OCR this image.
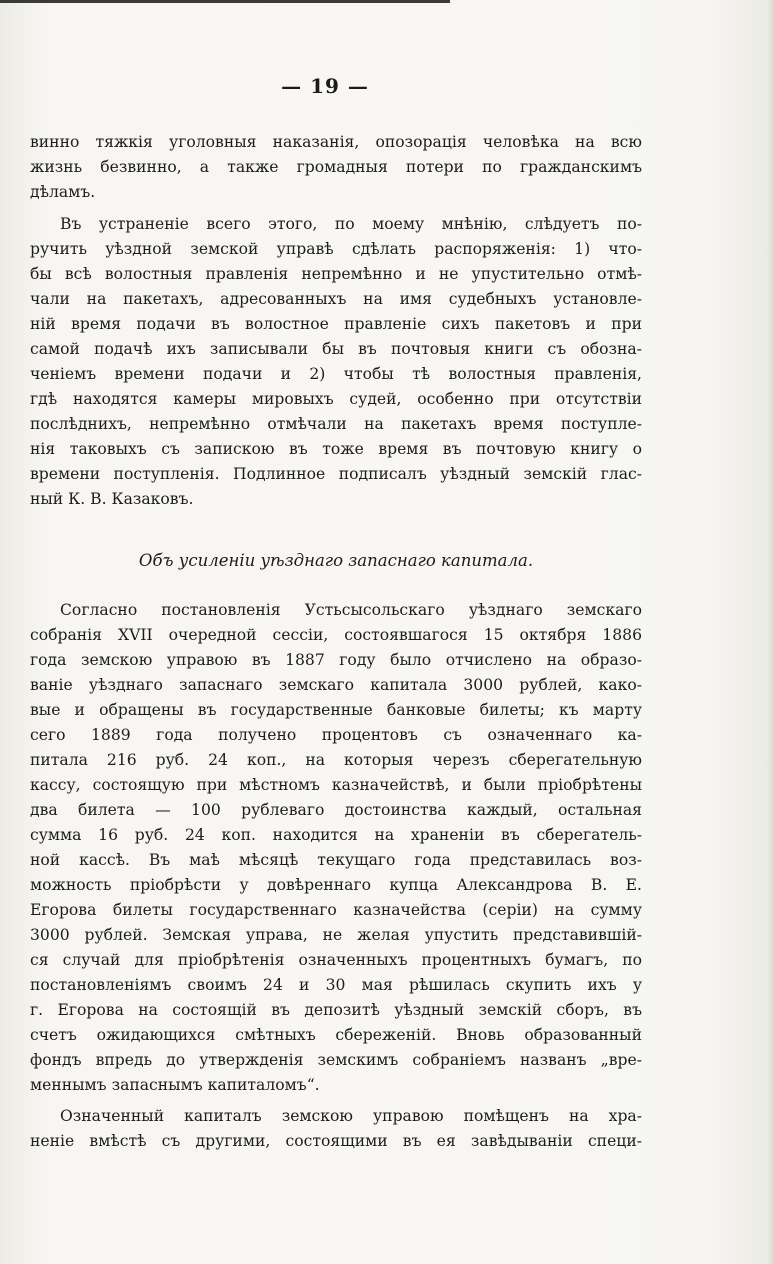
— 19 —
винно тяжкія уголовныя наказанія, опозорація человѣка на всю
жизнь безвинно, а также громадныя потери по гражданскимъ
дѣламъ.
Въ устраненіе всего этого, по моему мнѣнію, слѣдуетъ по-
ручить уѣздной земской управѣ сдѣлать распоряженія: 1) что-
бы всѣ волостныя правленія непремѣнно и не упустительно отмѣ-
чали на пакетахъ, адресованныхъ на имя судебныхъ установле-
ній время подачи въ волостное правленіе сихъ пакетовъ и при
самой подачѣ ихъ записывали бы въ почтовыя книги съ обозна-
ченіемъ времени подачи и 2) чтобы тѣ волостныя правленія,
гдѣ находятся камеры мировыхъ судей, особенно при отсутствіи
послѣднихъ, непремѣнно отмѣчали на пакетахъ время поступле-
нія таковыхъ съ запискою въ тоже время въ почтовую книгу о
времени поступленія. Подлинное подписалъ уѣздный земскій глас-
ный К. В. Казаковъ.
Объ усиленіи уѣзднаго запаснаго капитала.
Согласно постановленія Устьсысольскаго уѣзднаго земскаго
собранія XVII очередной сессіи, состоявшагося 15 октября 1886
года земскою управою въ 1887 году было отчислено на образо-
ваніе уѣзднаго запаснаго земскаго капитала 3000 рублей, како-
вые и обращены въ государственные банковые билеты; къ марту
сего 1889 года получено процентовъ съ означеннаго ка-
питала 216 руб. 24 коп., на которыя черезъ сберегательную
кассу, состоящую при мѣстномъ казначействѣ, и были пріобрѣтены
два билета — 100 рублеваго достоинства каждый, остальная
сумма 16 руб. 24 коп. находится на храненіи въ сберегатель-
ной кассѣ. Въ маѣ мѣсяцѣ текущаго года представилась воз-
можность пріобрѣсти у довѣреннаго купца Александрова В. Е.
Егорова билеты государственнаго казначейства (серіи) на сумму
3000 рублей. Земская управа, не желая упустить представившій-
ся случай для пріобрѣтенія означенныхъ процентныхъ бумагъ, по
постановленіямъ своимъ 24 и 30 мая рѣшилась скупить ихъ у
г. Егорова на состоящій въ депозитѣ уѣздный земскій сборъ, въ
счетъ ожидающихся смѣтныхъ сбереженій. Вновь образованный
фондъ впредь до утвержденія земскимъ собраніемъ названъ „вре-
меннымъ запаснымъ капиталомъ“.
Означенный капиталъ земскою управою помѣщенъ на хра-
неніе вмѣстѣ съ другими, состоящими въ ея завѣдываніи специ-
